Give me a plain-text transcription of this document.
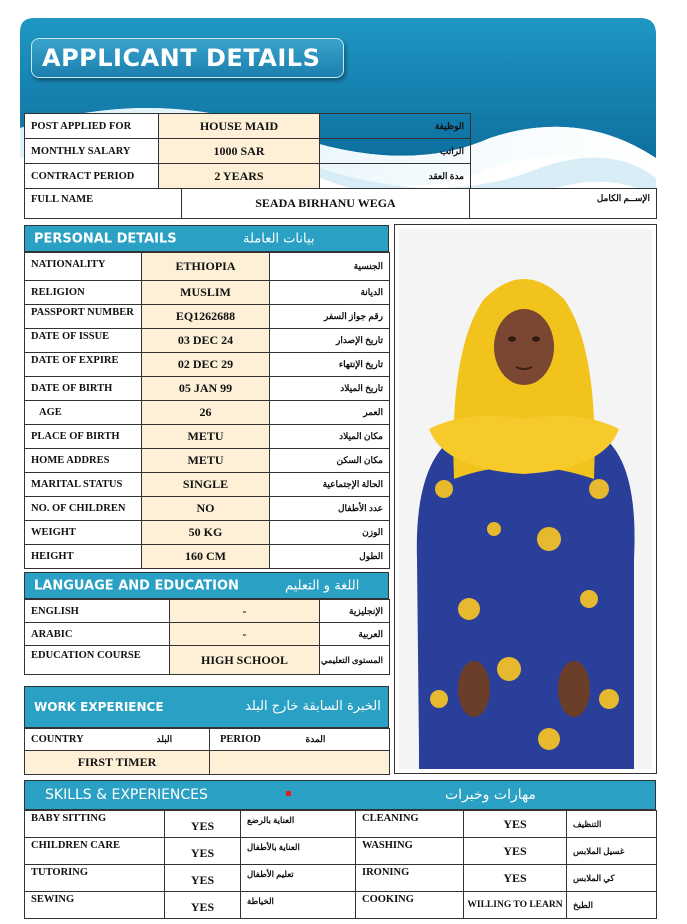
APPLICANT DETAILS
POST APPLIED FOR	HOUSE MAID	الوظيفة
MONTHLY SALARY	1000 SAR	الراتب
CONTRACT PERIOD	2 YEARS	مدة العقد
FULL NAME	SEADA BIRHANU WEGA	الإســم الكامل
PERSONAL DETAILS	بيانات العاملة
NATIONALITY	ETHIOPIA	الجنسية
RELIGION	MUSLIM	الديانة
PASSPORT NUMBER	EQ1262688	رقم جواز السفر
DATE OF ISSUE	03 DEC 24	تاريخ الإصدار
DATE OF EXPIRE	02 DEC 29	تاريخ الإنتهاء
DATE OF BIRTH	05 JAN 99	تاريخ الميلاد
AGE	26	العمر
PLACE OF BIRTH	METU	مكان الميلاد
HOME ADDRES	METU	مكان السكن
MARITAL STATUS	SINGLE	الحالة الإجتماعية
NO. OF CHILDREN	NO	عدد الأطفال
WEIGHT	50 KG	الوزن
HEIGHT	160 CM	الطول
LANGUAGE AND EDUCATION	اللغة و التعليم
ENGLISH	-	الإنجليزية
ARABIC	-	العربية
EDUCATION COURSE	HIGH SCHOOL	المستوى التعليمي
WORK EXPERIENCE	الخبرة السابقة خارج البلد
COUNTRY	البلد	PERIOD	المدة
FIRST TIMER			
SKILLS & EXPERIENCES	مهارات وخبرات
BABY SITTING	YES	العناية بالرضع	CLEANING	YES	التنظيف
CHILDREN CARE	YES	العناية بالأطفال	WASHING	YES	غسيل الملابس
TUTORING	YES	تعليم الأطفال	IRONING	YES	كي الملابس
SEWING	YES	الخياطة	COOKING	WILLING TO LEARN	الطبخ
